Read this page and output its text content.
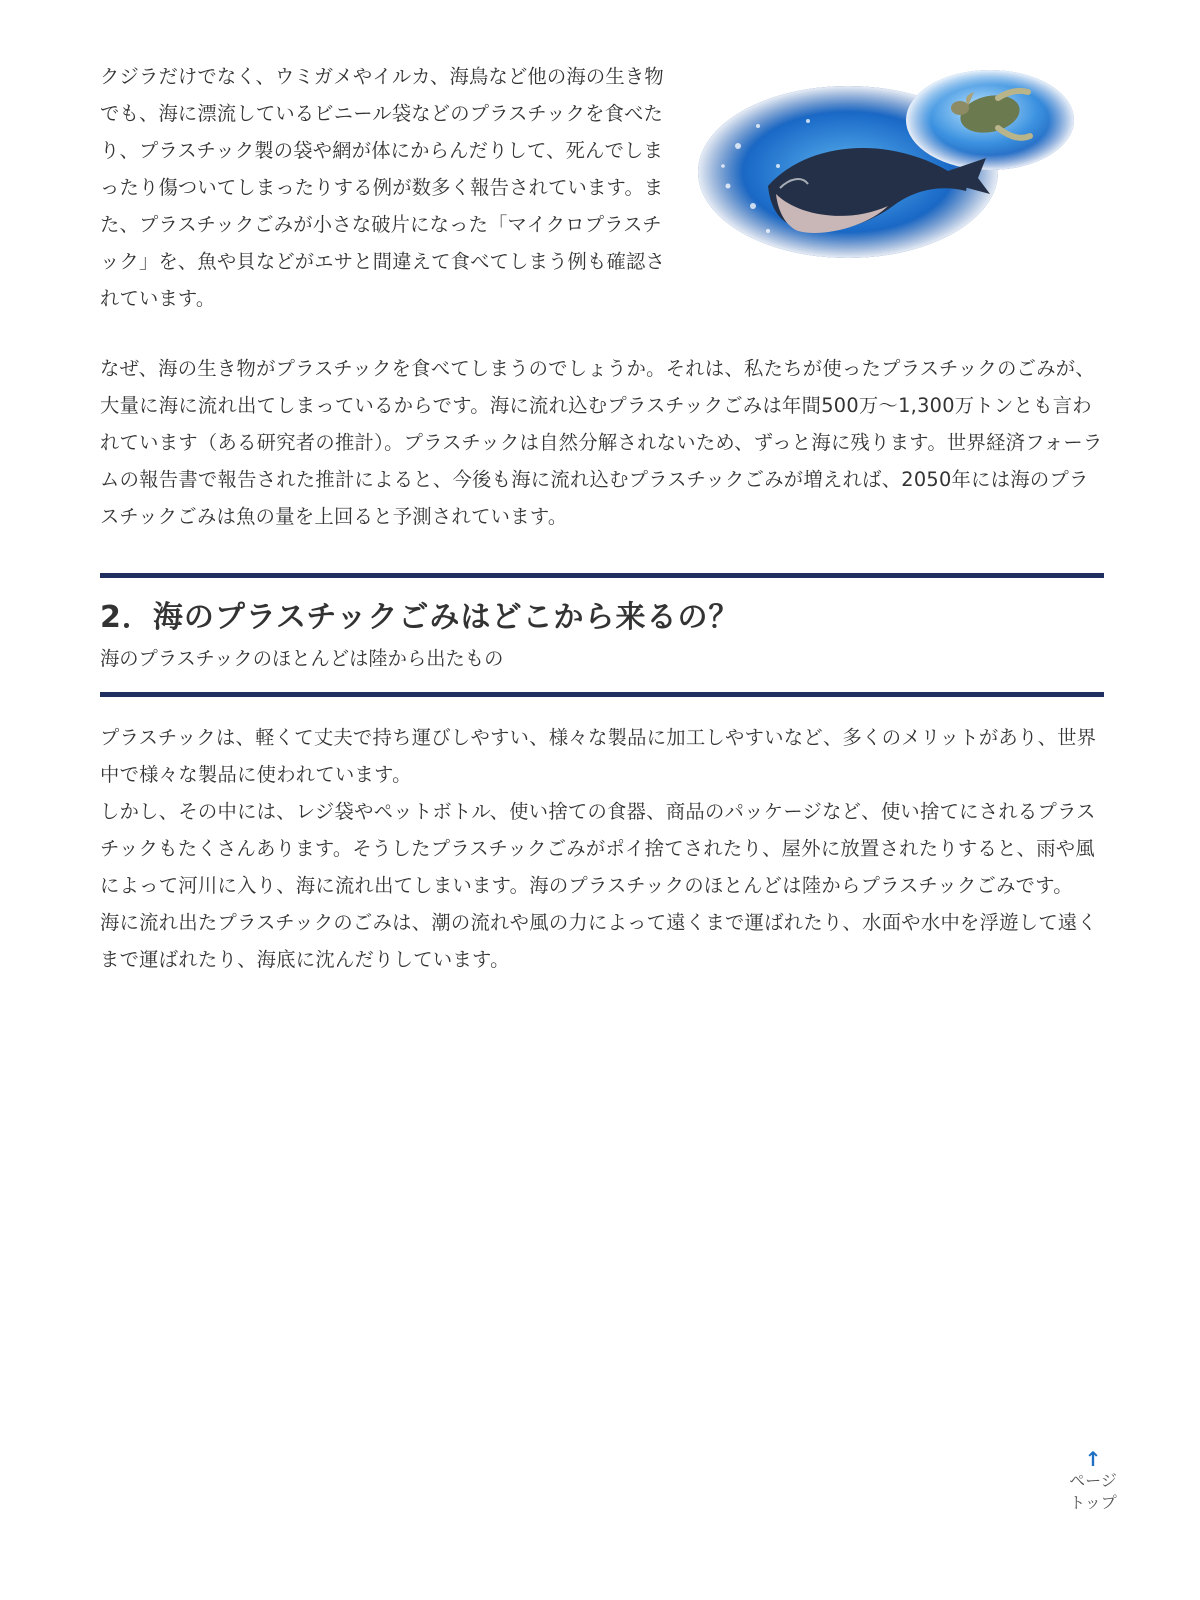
クジラだけでなく、ウミガメやイルカ、海鳥など他の海の生き物でも、海に漂流しているビニール袋などのプラスチックを食べたり、プラスチック製の袋や網が体にからんだりして、死んでしまったり傷ついてしまったりする例が数多く報告されています。また、プラスチックごみが小さな破片になった「マイクロプラスチック」を、魚や貝などがエサと間違えて食べてしまう例も確認されています。

なぜ、海の生き物がプラスチックを食べてしまうのでしょうか。それは、私たちが使ったプラスチックのごみが、大量に海に流れ出てしまっているからです。海に流れ込むプラスチックごみは年間500万～1,300万トンとも言われています（ある研究者の推計）。プラスチックは自然分解されないため、ずっと海に残ります。世界経済フォーラムの報告書で報告された推計によると、今後も海に流れ込むプラスチックごみが増えれば、2050年には海のプラスチックごみは魚の量を上回ると予測されています。

2．海のプラスチックごみはどこから来るの？

海のプラスチックのほとんどは陸から出たもの

プラスチックは、軽くて丈夫で持ち運びしやすい、様々な製品に加工しやすいなど、多くのメリットがあり、世界中で様々な製品に使われています。

しかし、その中には、レジ袋やペットボトル、使い捨ての食器、商品のパッケージなど、使い捨てにされるプラスチックもたくさんあります。そうしたプラスチックごみがポイ捨てされたり、屋外に放置されたりすると、雨や風によって河川に入り、海に流れ出てしまいます。海のプラスチックのほとんどは陸からプラスチックごみです。

海に流れ出たプラスチックのごみは、潮の流れや風の力によって遠くまで運ばれたり、水面や水中を浮遊して遠くまで運ばれたり、海底に沈んだりしています。

↑
ページ
トップ
